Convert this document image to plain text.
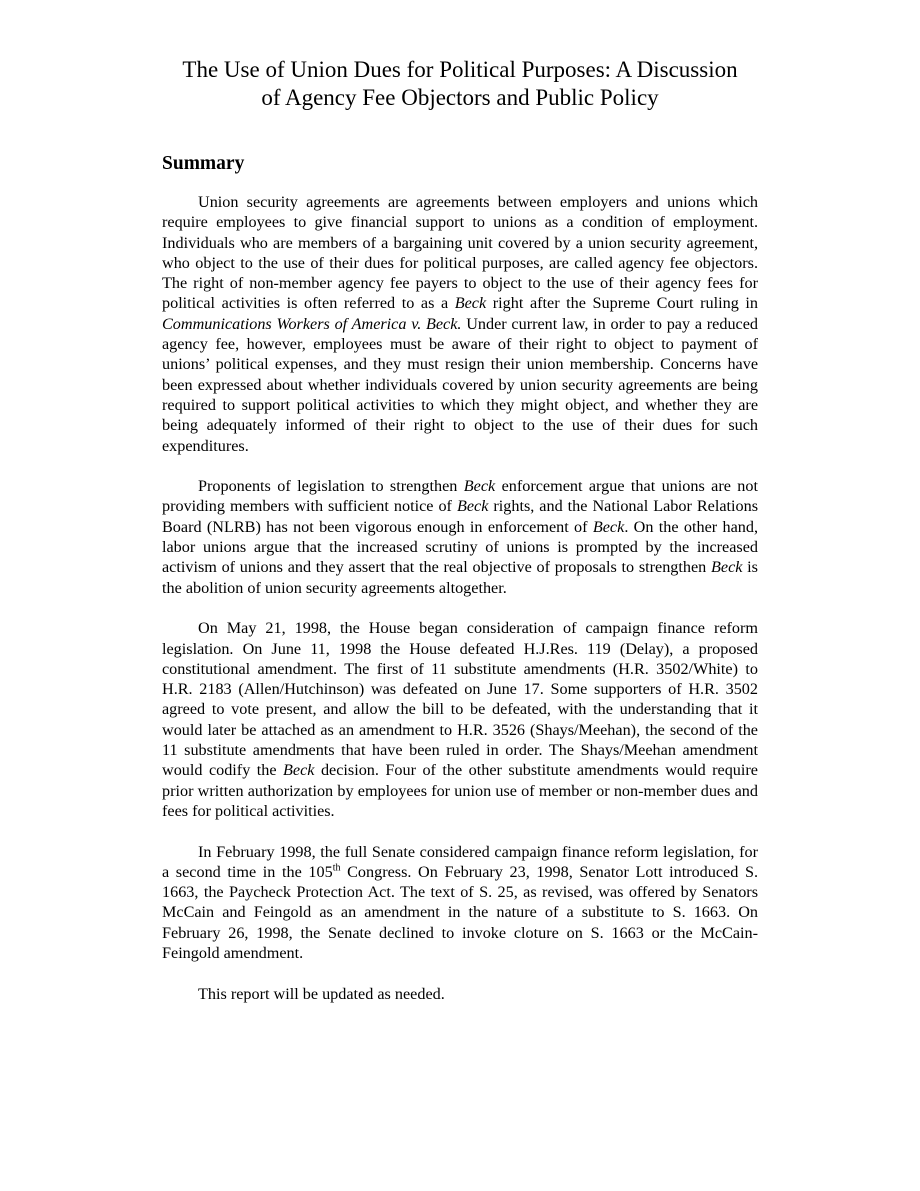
The Use of Union Dues for Political Purposes: A Discussion
of Agency Fee Objectors and Public Policy
Summary

Union security agreements are agreements between employers and unions which require employees to give financial support to unions as a condition of employment. Individuals who are members of a bargaining unit covered by a union security agreement, who object to the use of their dues for political purposes, are called agency fee objectors. The right of non-member agency fee payers to object to the use of their agency fees for political activities is often referred to as a Beck right after the Supreme Court ruling in Communications Workers of America v. Beck. Under current law, in order to pay a reduced agency fee, however, employees must be aware of their right to object to payment of unions’ political expenses, and they must resign their union membership. Concerns have been expressed about whether individuals covered by union security agreements are being required to support political activities to which they might object, and whether they are being adequately informed of their right to object to the use of their dues for such expenditures.

Proponents of legislation to strengthen Beck enforcement argue that unions are not providing members with sufficient notice of Beck rights, and the National Labor Relations Board (NLRB) has not been vigorous enough in enforcement of Beck. On the other hand, labor unions argue that the increased scrutiny of unions is prompted by the increased activism of unions and they assert that the real objective of proposals to strengthen Beck is the abolition of union security agreements altogether.

On May 21, 1998, the House began consideration of campaign finance reform legislation. On June 11, 1998 the House defeated H.J.Res. 119 (Delay), a proposed constitutional amendment. The first of 11 substitute amendments (H.R. 3502/White) to H.R. 2183 (Allen/Hutchinson) was defeated on June 17. Some supporters of H.R. 3502 agreed to vote present, and allow the bill to be defeated, with the understanding that it would later be attached as an amendment to H.R. 3526 (Shays/Meehan), the second of the 11 substitute amendments that have been ruled in order. The Shays/Meehan amendment would codify the Beck decision. Four of the other substitute amendments would require prior written authorization by employees for union use of member or non-member dues and fees for political activities.

In February 1998, the full Senate considered campaign finance reform legislation, for a second time in the 105th Congress. On February 23, 1998, Senator Lott introduced S. 1663, the Paycheck Protection Act. The text of S. 25, as revised, was offered by Senators McCain and Feingold as an amendment in the nature of a substitute to S. 1663. On February 26, 1998, the Senate declined to invoke cloture on S. 1663 or the McCain-Feingold amendment.

This report will be updated as needed.
